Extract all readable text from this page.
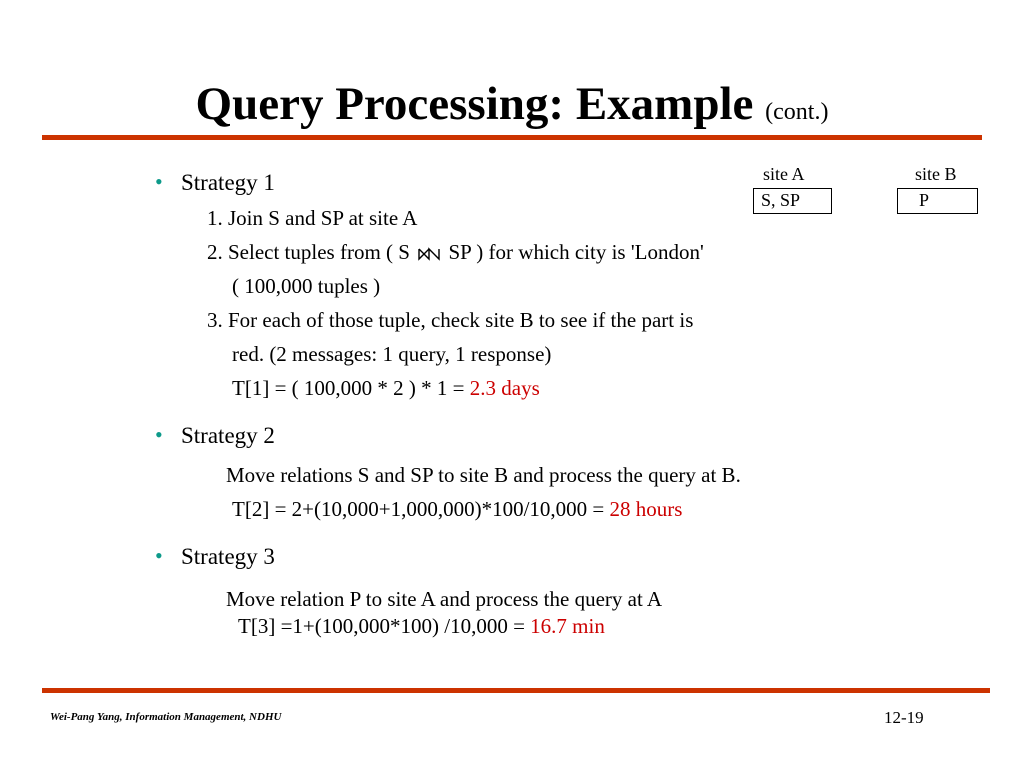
Query Processing: Example (cont.)
site A
S, SP
site B
P
• Strategy 1
1. Join S and SP at site A
2. Select tuples from ( S SP ) for which city is 'London'
( 100,000 tuples )
3. For each of those tuple, check site B to see if the part is
red. (2 messages: 1 query, 1 response)
T[1] = ( 100,000 * 2 ) * 1 = 2.3 days
• Strategy 2
Move relations S and SP to site B and process the query at B.
T[2] = 2+(10,000+1,000,000)*100/10,000 = 28 hours
• Strategy 3
Move relation P to site A and process the query at A
T[3] =1+(100,000*100) /10,000 = 16.7 min
Wei-Pang Yang, Information Management, NDHU	12-19
